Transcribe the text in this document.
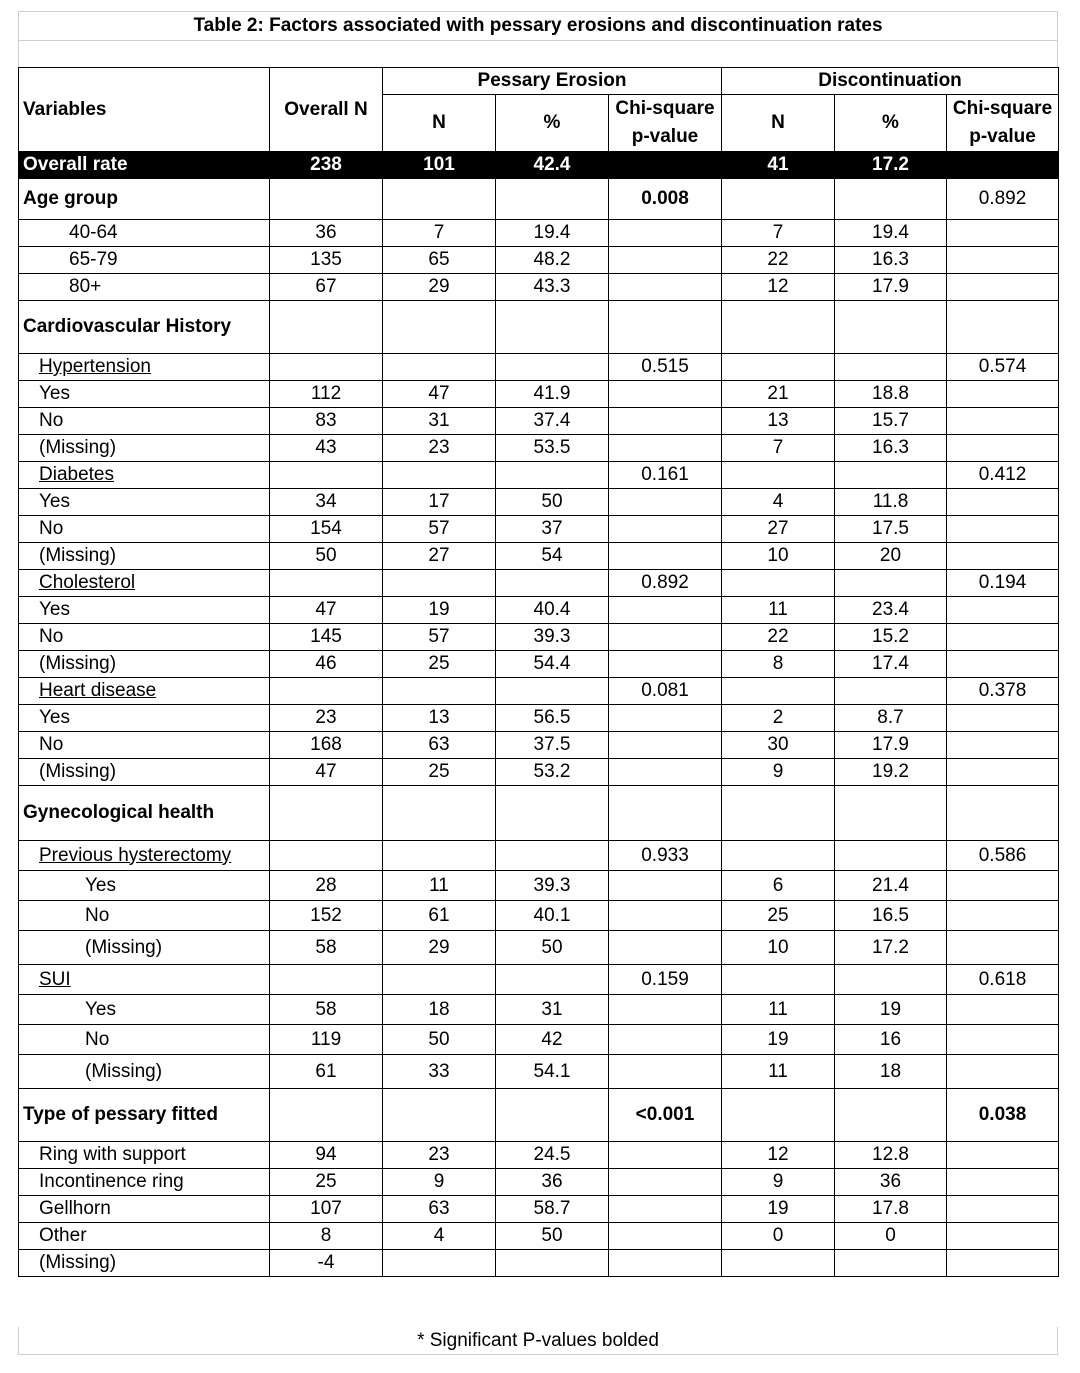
Table 2: Factors associated with pessary erosions and discontinuation rates
Variables	Overall N	Pessary Erosion			Discontinuation		
		N	%	Chi-square p-value	N	%	Chi-square p-value
Overall rate	238	101	42.4		41	17.2	
Age group				0.008			0.892
40-64	36	7	19.4		7	19.4	
65-79	135	65	48.2		22	16.3	
80+	67	29	43.3		12	17.9	
Cardiovascular History							
Hypertension				0.515			0.574
Yes	112	47	41.9		21	18.8	
No	83	31	37.4		13	15.7	
(Missing)	43	23	53.5		7	16.3	
Diabetes				0.161			0.412
Yes	34	17	50		4	11.8	
No	154	57	37		27	17.5	
(Missing)	50	27	54		10	20	
Cholesterol				0.892			0.194
Yes	47	19	40.4		11	23.4	
No	145	57	39.3		22	15.2	
(Missing)	46	25	54.4		8	17.4	
Heart disease				0.081			0.378
Yes	23	13	56.5		2	8.7	
No	168	63	37.5		30	17.9	
(Missing)	47	25	53.2		9	19.2	
Gynecological health							
Previous hysterectomy				0.933			0.586
Yes	28	11	39.3		6	21.4	
No	152	61	40.1		25	16.5	
(Missing)	58	29	50		10	17.2	
SUI				0.159			0.618
Yes	58	18	31		11	19	
No	119	50	42		19	16	
(Missing)	61	33	54.1		11	18	
Type of pessary fitted				<0.001			0.038
Ring with support	94	23	24.5		12	12.8	
Incontinence ring	25	9	36		9	36	
Gellhorn	107	63	58.7		19	17.8	
Other	8	4	50		0	0	
(Missing)	-4						
* Significant P-values bolded
